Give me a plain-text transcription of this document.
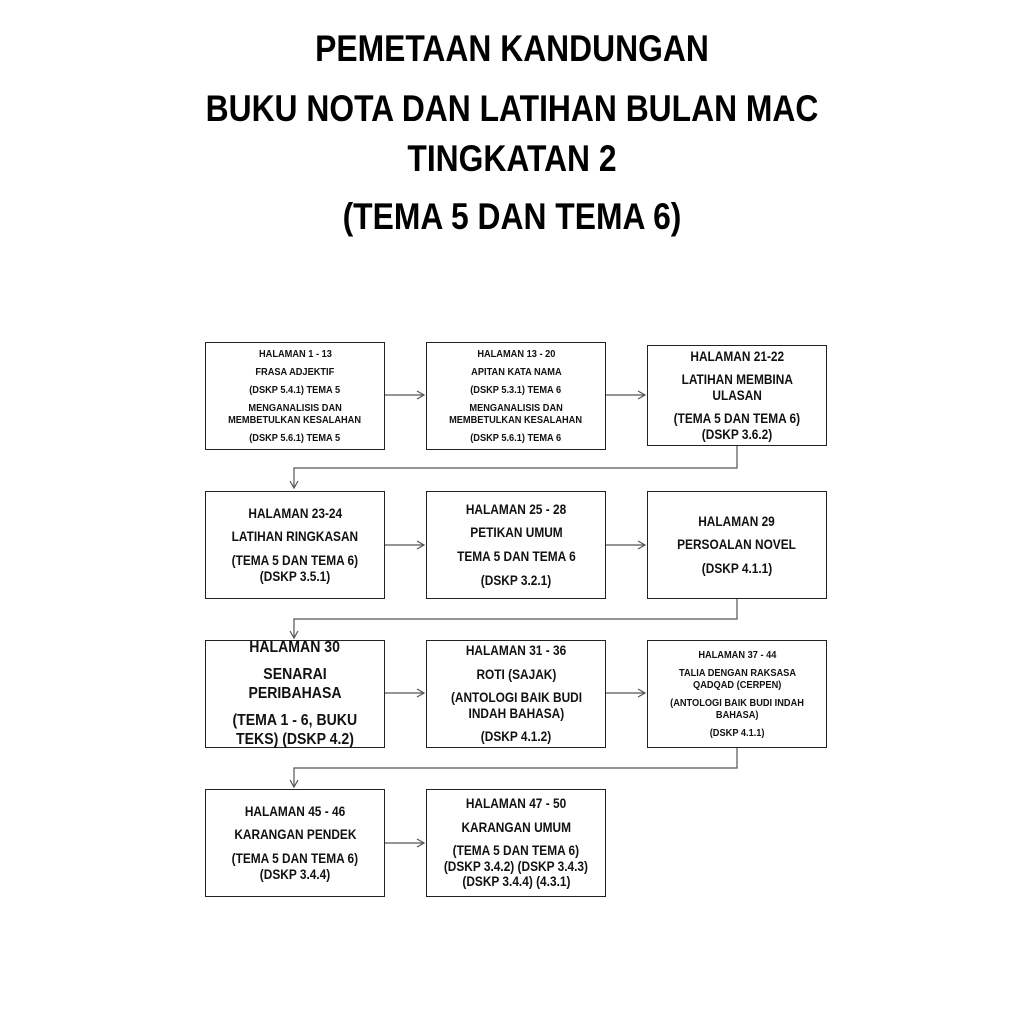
PEMETAAN KANDUNGAN
BUKU NOTA DAN LATIHAN BULAN MAC
TINGKATAN 2
(TEMA 5 DAN TEMA 6)
HALAMAN 1 - 13
FRASA ADJEKTIF
(DSKP 5.4.1) TEMA 5
MENGANALISIS DAN
MEMBETULKAN KESALAHAN
(DSKP 5.6.1) TEMA 5
HALAMAN 13 - 20
APITAN KATA NAMA
(DSKP 5.3.1) TEMA 6
MENGANALISIS DAN
MEMBETULKAN KESALAHAN
(DSKP 5.6.1) TEMA 6
HALAMAN 21-22
LATIHAN MEMBINA
ULASAN
(TEMA 5 DAN TEMA 6)
(DSKP 3.6.2)
HALAMAN 23-24
LATIHAN RINGKASAN
(TEMA 5 DAN TEMA 6)
(DSKP 3.5.1)
HALAMAN 25 - 28
PETIKAN UMUM
TEMA 5 DAN TEMA 6
(DSKP 3.2.1)
HALAMAN 29
PERSOALAN NOVEL
(DSKP 4.1.1)
HALAMAN 30
SENARAI PERIBAHASA
(TEMA 1 - 6, BUKU
TEKS) (DSKP 4.2)
HALAMAN 31 - 36
ROTI (SAJAK)
(ANTOLOGI BAIK BUDI
INDAH BAHASA)
(DSKP 4.1.2)
HALAMAN 37 - 44
TALIA DENGAN RAKSASA
QADQAD (CERPEN)
(ANTOLOGI BAIK BUDI INDAH
BAHASA)
(DSKP 4.1.1)
HALAMAN 45 - 46
KARANGAN PENDEK
(TEMA 5 DAN TEMA 6)
(DSKP 3.4.4)
HALAMAN 47 - 50
KARANGAN UMUM
(TEMA 5 DAN TEMA 6)
(DSKP 3.4.2) (DSKP 3.4.3)
(DSKP 3.4.4) (4.3.1)
